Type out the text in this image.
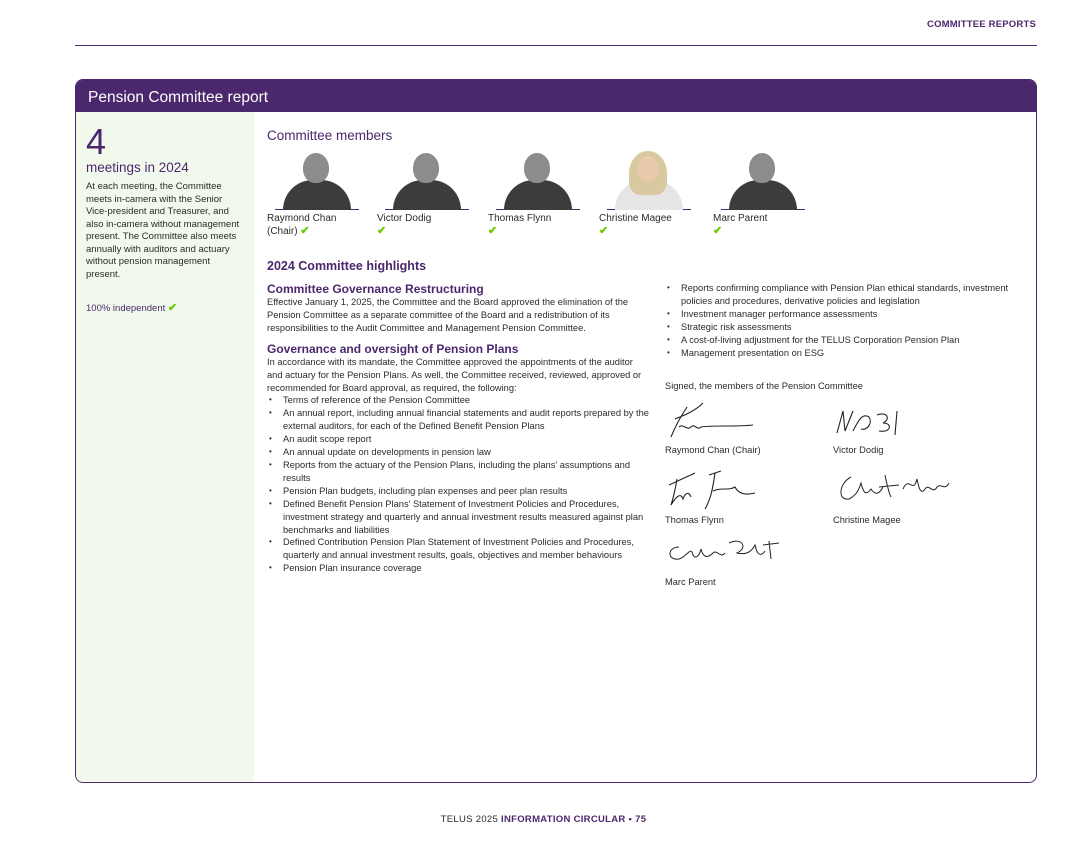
COMMITTEE REPORTS
Pension Committee report
4
meetings in 2024
At each meeting, the Committee meets in-camera with the Senior Vice-president and Treasurer, and also in-camera without management present. The Committee also meets annually with auditors and actuary without pension management present.
100% independent ✔
Committee members
Raymond Chan
(Chair) ✔
Victor Dodig
✔
Thomas Flynn
✔
Christine Magee
✔
Marc Parent
✔
2024 Committee highlights
Committee Governance Restructuring
Effective January 1, 2025, the Committee and the Board approved the elimination of the Pension Committee as a separate committee of the Board and a redistribution of its responsibilities to the Audit Committee and Management Pension Committee.
Governance and oversight of Pension Plans
In accordance with its mandate, the Committee approved the appointments of the auditor and actuary for the Pension Plans. As well, the Committee received, reviewed, approved or recommended for Board approval, as required, the following:
• Terms of reference of the Pension Committee
• An annual report, including annual financial statements and audit reports prepared by the external auditors, for each of the Defined Benefit Pension Plans
• An audit scope report
• An annual update on developments in pension law
• Reports from the actuary of the Pension Plans, including the plans' assumptions and results
• Pension Plan budgets, including plan expenses and peer plan results
• Defined Benefit Pension Plans' Statement of Investment Policies and Procedures, investment strategy and quarterly and annual investment results measured against plan benchmarks and liabilities
• Defined Contribution Pension Plan Statement of Investment Policies and Procedures, quarterly and annual investment results, goals, objectives and member behaviours
• Pension Plan insurance coverage
• Reports confirming compliance with Pension Plan ethical standards, investment policies and procedures, derivative policies and legislation
• Investment manager performance assessments
• Strategic risk assessments
• A cost-of-living adjustment for the TELUS Corporation Pension Plan
• Management presentation on ESG
Signed, the members of the Pension Committee
Raymond Chan (Chair)	Victor Dodig
Thomas Flynn	Christine Magee
Marc Parent
TELUS 2025 INFORMATION CIRCULAR • 75
